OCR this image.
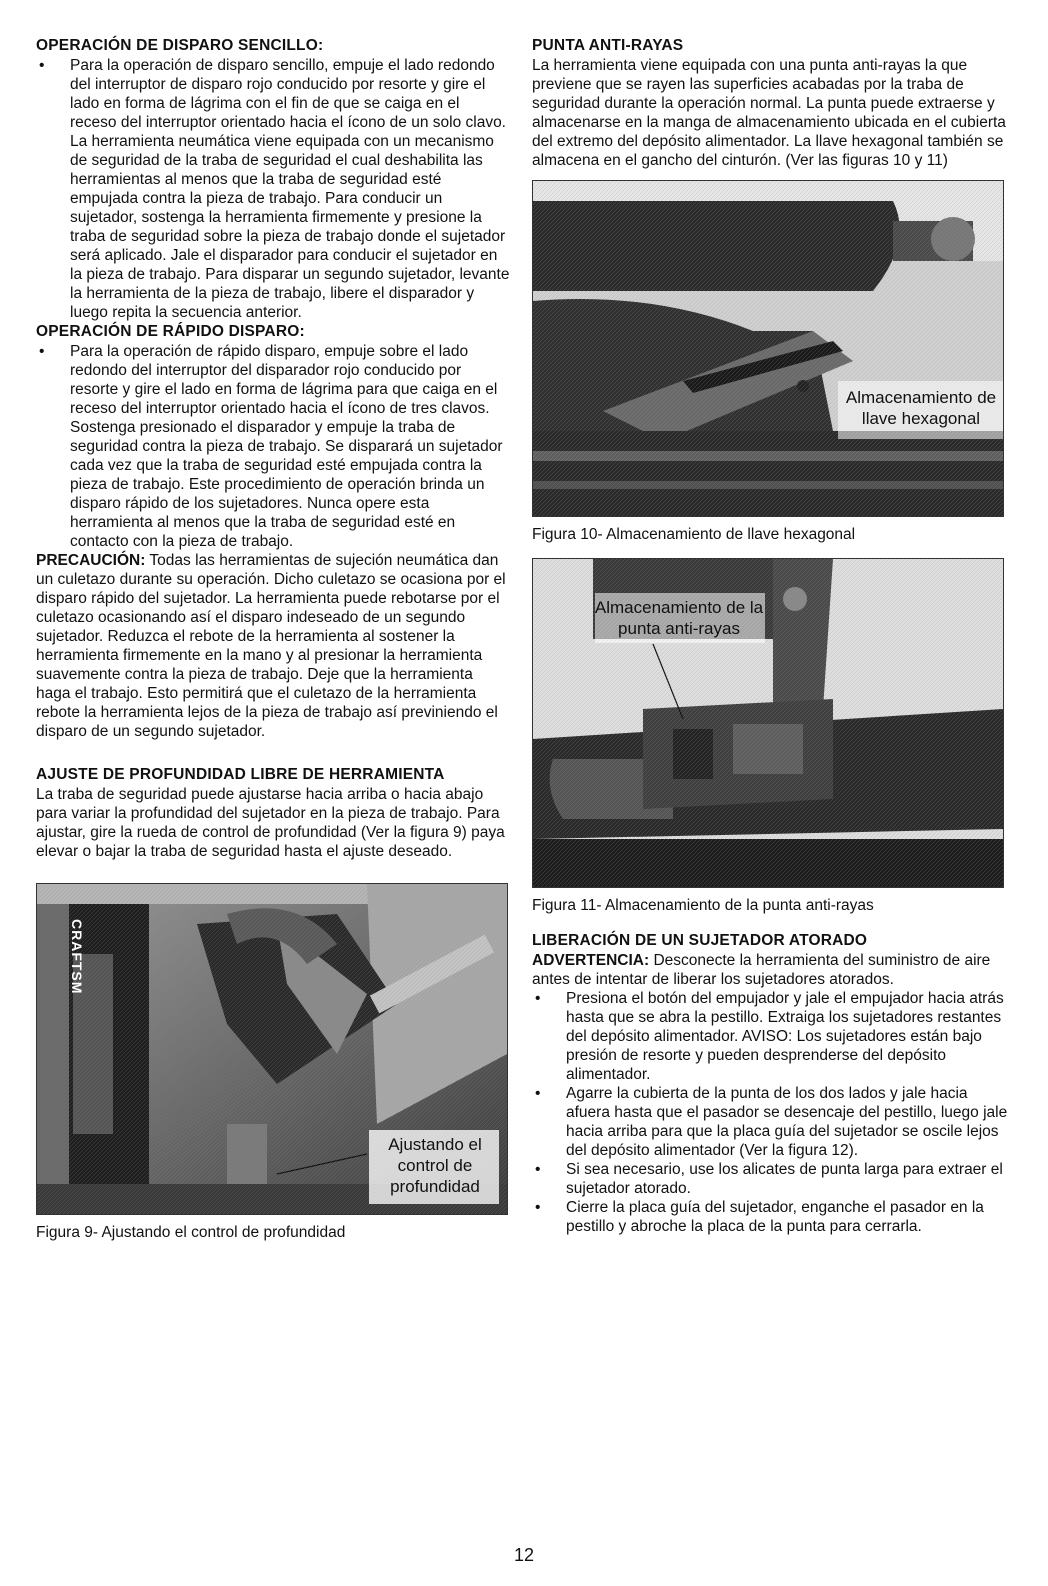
OPERACIÓN DE DISPARO SENCILLO:
• Para la operación de disparo sencillo, empuje el lado redondo del interruptor de disparo rojo conducido por resorte y gire el lado en forma de lágrima con el fin de que se caiga en el receso del interruptor orientado hacia el ícono de un solo clavo. La herramienta neumática viene equipada con un mecanismo de seguridad de la traba de seguridad el cual deshabilita las herramientas al menos que la traba de seguridad esté empujada contra la pieza de trabajo. Para conducir un sujetador, sostenga la herramienta firmemente y presione la traba de seguridad sobre la pieza de trabajo donde el sujetador será aplicado. Jale el disparador para conducir el sujetador en la pieza de trabajo. Para disparar un segundo sujetador, levante la herramienta de la pieza de trabajo, libere el disparador y luego repita la secuencia anterior.
OPERACIÓN DE RÁPIDO DISPARO:
• Para la operación de rápido disparo, empuje sobre el lado redondo del interruptor del disparador rojo conducido por resorte y gire el lado en forma de lágrima para que caiga en el receso del interruptor orientado hacia el ícono de tres clavos. Sostenga presionado el disparador y empuje la traba de seguridad contra la pieza de trabajo. Se disparará un sujetador cada vez que la traba de seguridad esté empujada contra la pieza de trabajo. Este procedimiento de operación brinda un disparo rápido de los sujetadores. Nunca opere esta herramienta al menos que la traba de seguridad esté en contacto con la pieza de trabajo.

PRECAUCIÓN: Todas las herramientas de sujeción neumática dan un culetazo durante su operación. Dicho culetazo se ocasiona por el disparo rápido del sujetador. La herramienta puede rebotarse por el culetazo ocasionando así el disparo indeseado de un segundo sujetador. Reduzca el rebote de la herramienta al sostener la herramienta firmemente en la mano y al presionar la herramienta suavemente contra la pieza de trabajo. Deje que la herramienta haga el trabajo. Esto permitirá que el culetazo de la herramienta rebote la herramienta lejos de la pieza de trabajo así previniendo el disparo de un segundo sujetador.

AJUSTE DE PROFUNDIDAD LIBRE DE HERRAMIENTA

La traba de seguridad puede ajustarse hacia arriba o hacia abajo para variar la profundidad del sujetador en la pieza de trabajo. Para ajustar, gire la rueda de control de profundidad (Ver la figura 9) paya elevar o bajar la traba de seguridad hasta el ajuste deseado.

CRAFTSM
Ajustando el control de profundidad
Figura 9- Ajustando el control de profundidad
PUNTA ANTI-RAYAS

La herramienta viene equipada con una punta anti-rayas la que previene que se rayen las superficies acabadas por la traba de seguridad durante la operación normal. La punta puede extraerse y almacenarse en la manga de almacenamiento ubicada en el cubierta del extremo del depósito alimentador. La llave hexagonal también se almacena en el gancho del cinturón. (Ver las figuras 10 y 11)

Almacenamiento de llave hexagonal
Figura 10- Almacenamiento de llave hexagonal
Almacenamiento de la punta anti-rayas
Figura 11- Almacenamiento de la punta anti-rayas
LIBERACIÓN DE UN SUJETADOR ATORADO

ADVERTENCIA: Desconecte la herramienta del suministro de aire antes de intentar de liberar los sujetadores atorados.

• Presiona el botón del empujador y jale el empujador hacia atrás hasta que se abra la pestillo. Extraiga los sujetadores restantes del depósito alimentador. AVISO: Los sujetadores están bajo presión de resorte y pueden desprenderse del depósito alimentador.
• Agarre la cubierta de la punta de los dos lados y jale hacia afuera hasta que el pasador se desencaje del pestillo, luego jale hacia arriba para que la placa guía del sujetador se oscile lejos del depósito alimentador (Ver la figura 12).
• Si sea necesario, use los alicates de punta larga para extraer el sujetador atorado.
• Cierre la placa guía del sujetador, enganche el pasador en la pestillo y abroche la placa de la punta para cerrarla.
12
